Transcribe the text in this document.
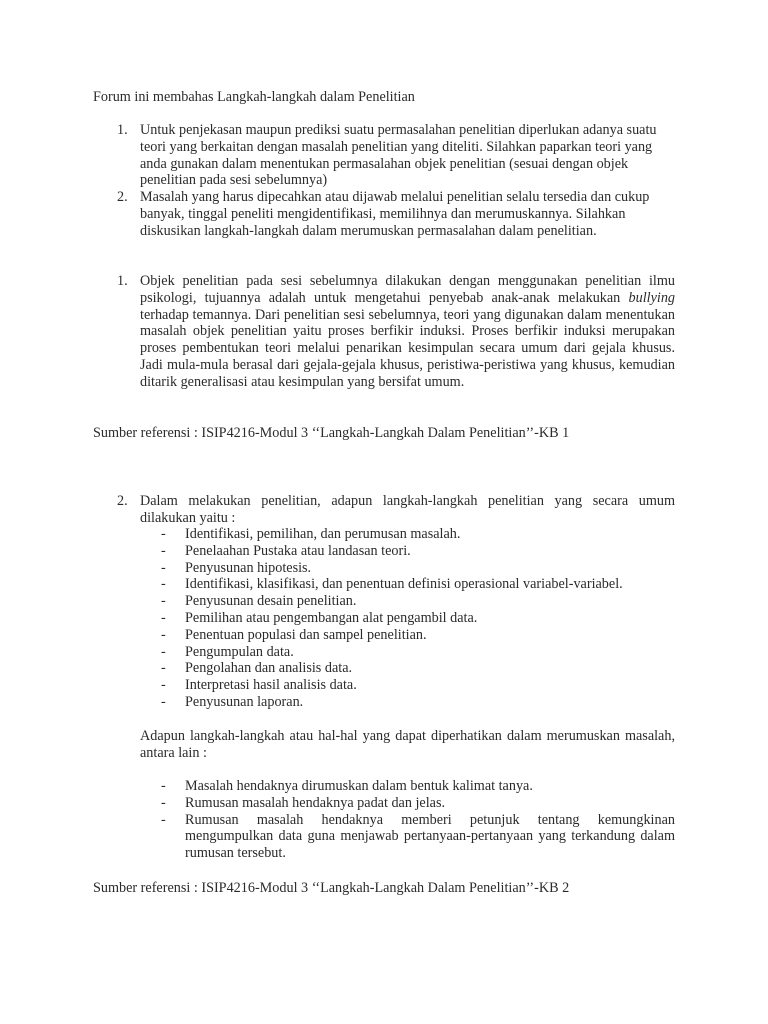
Forum ini membahas Langkah-langkah dalam Penelitian

1. Untuk penjekasan maupun prediksi suatu permasalahan penelitian diperlukan adanya suatu teori yang berkaitan dengan masalah penelitian yang diteliti. Silahkan paparkan teori yang anda gunakan dalam menentukan permasalahan objek penelitian (sesuai dengan objek penelitian pada sesi sebelumnya)
2. Masalah yang harus dipecahkan atau dijawab melalui penelitian selalu tersedia dan cukup banyak, tinggal peneliti mengidentifikasi, memilihnya dan merumuskannya. Silahkan diskusikan langkah-langkah dalam merumuskan permasalahan dalam penelitian.
1. Objek penelitian pada sesi sebelumnya dilakukan dengan menggunakan penelitian ilmu psikologi, tujuannya adalah untuk mengetahui penyebab anak-anak melakukan bullying terhadap temannya. Dari penelitian sesi sebelumnya, teori yang digunakan dalam menentukan masalah objek penelitian yaitu proses berfikir induksi. Proses berfikir induksi merupakan proses pembentukan teori melalui penarikan kesimpulan secara umum dari gejala khusus. Jadi mula-mula berasal dari gejala-gejala khusus, peristiwa-peristiwa yang khusus, kemudian ditarik generalisasi atau kesimpulan yang bersifat umum.

Sumber referensi : ISIP4216-Modul 3 ‘‘Langkah-Langkah Dalam Penelitian’’-KB 1

2. Dalam melakukan penelitian, adapun langkah-langkah penelitian yang secara umum dilakukan yaitu :
- Identifikasi, pemilihan, dan perumusan masalah.
- Penelaahan Pustaka atau landasan teori.
- Penyusunan hipotesis.
- Identifikasi, klasifikasi, dan penentuan definisi operasional variabel-variabel.
- Penyusunan desain penelitian.
- Pemilihan atau pengembangan alat pengambil data.
- Penentuan populasi dan sampel penelitian.
- Pengumpulan data.
- Pengolahan dan analisis data.
- Interpretasi hasil analisis data.
- Penyusunan laporan.
Adapun langkah-langkah atau hal-hal yang dapat diperhatikan dalam merumuskan masalah, antara lain :
- Masalah hendaknya dirumuskan dalam bentuk kalimat tanya.
- Rumusan masalah hendaknya padat dan jelas.
- Rumusan masalah hendaknya memberi petunjuk tentang kemungkinan mengumpulkan data guna menjawab pertanyaan-pertanyaan yang terkandung dalam rumusan tersebut.

Sumber referensi : ISIP4216-Modul 3 ‘‘Langkah-Langkah Dalam Penelitian’’-KB 2
